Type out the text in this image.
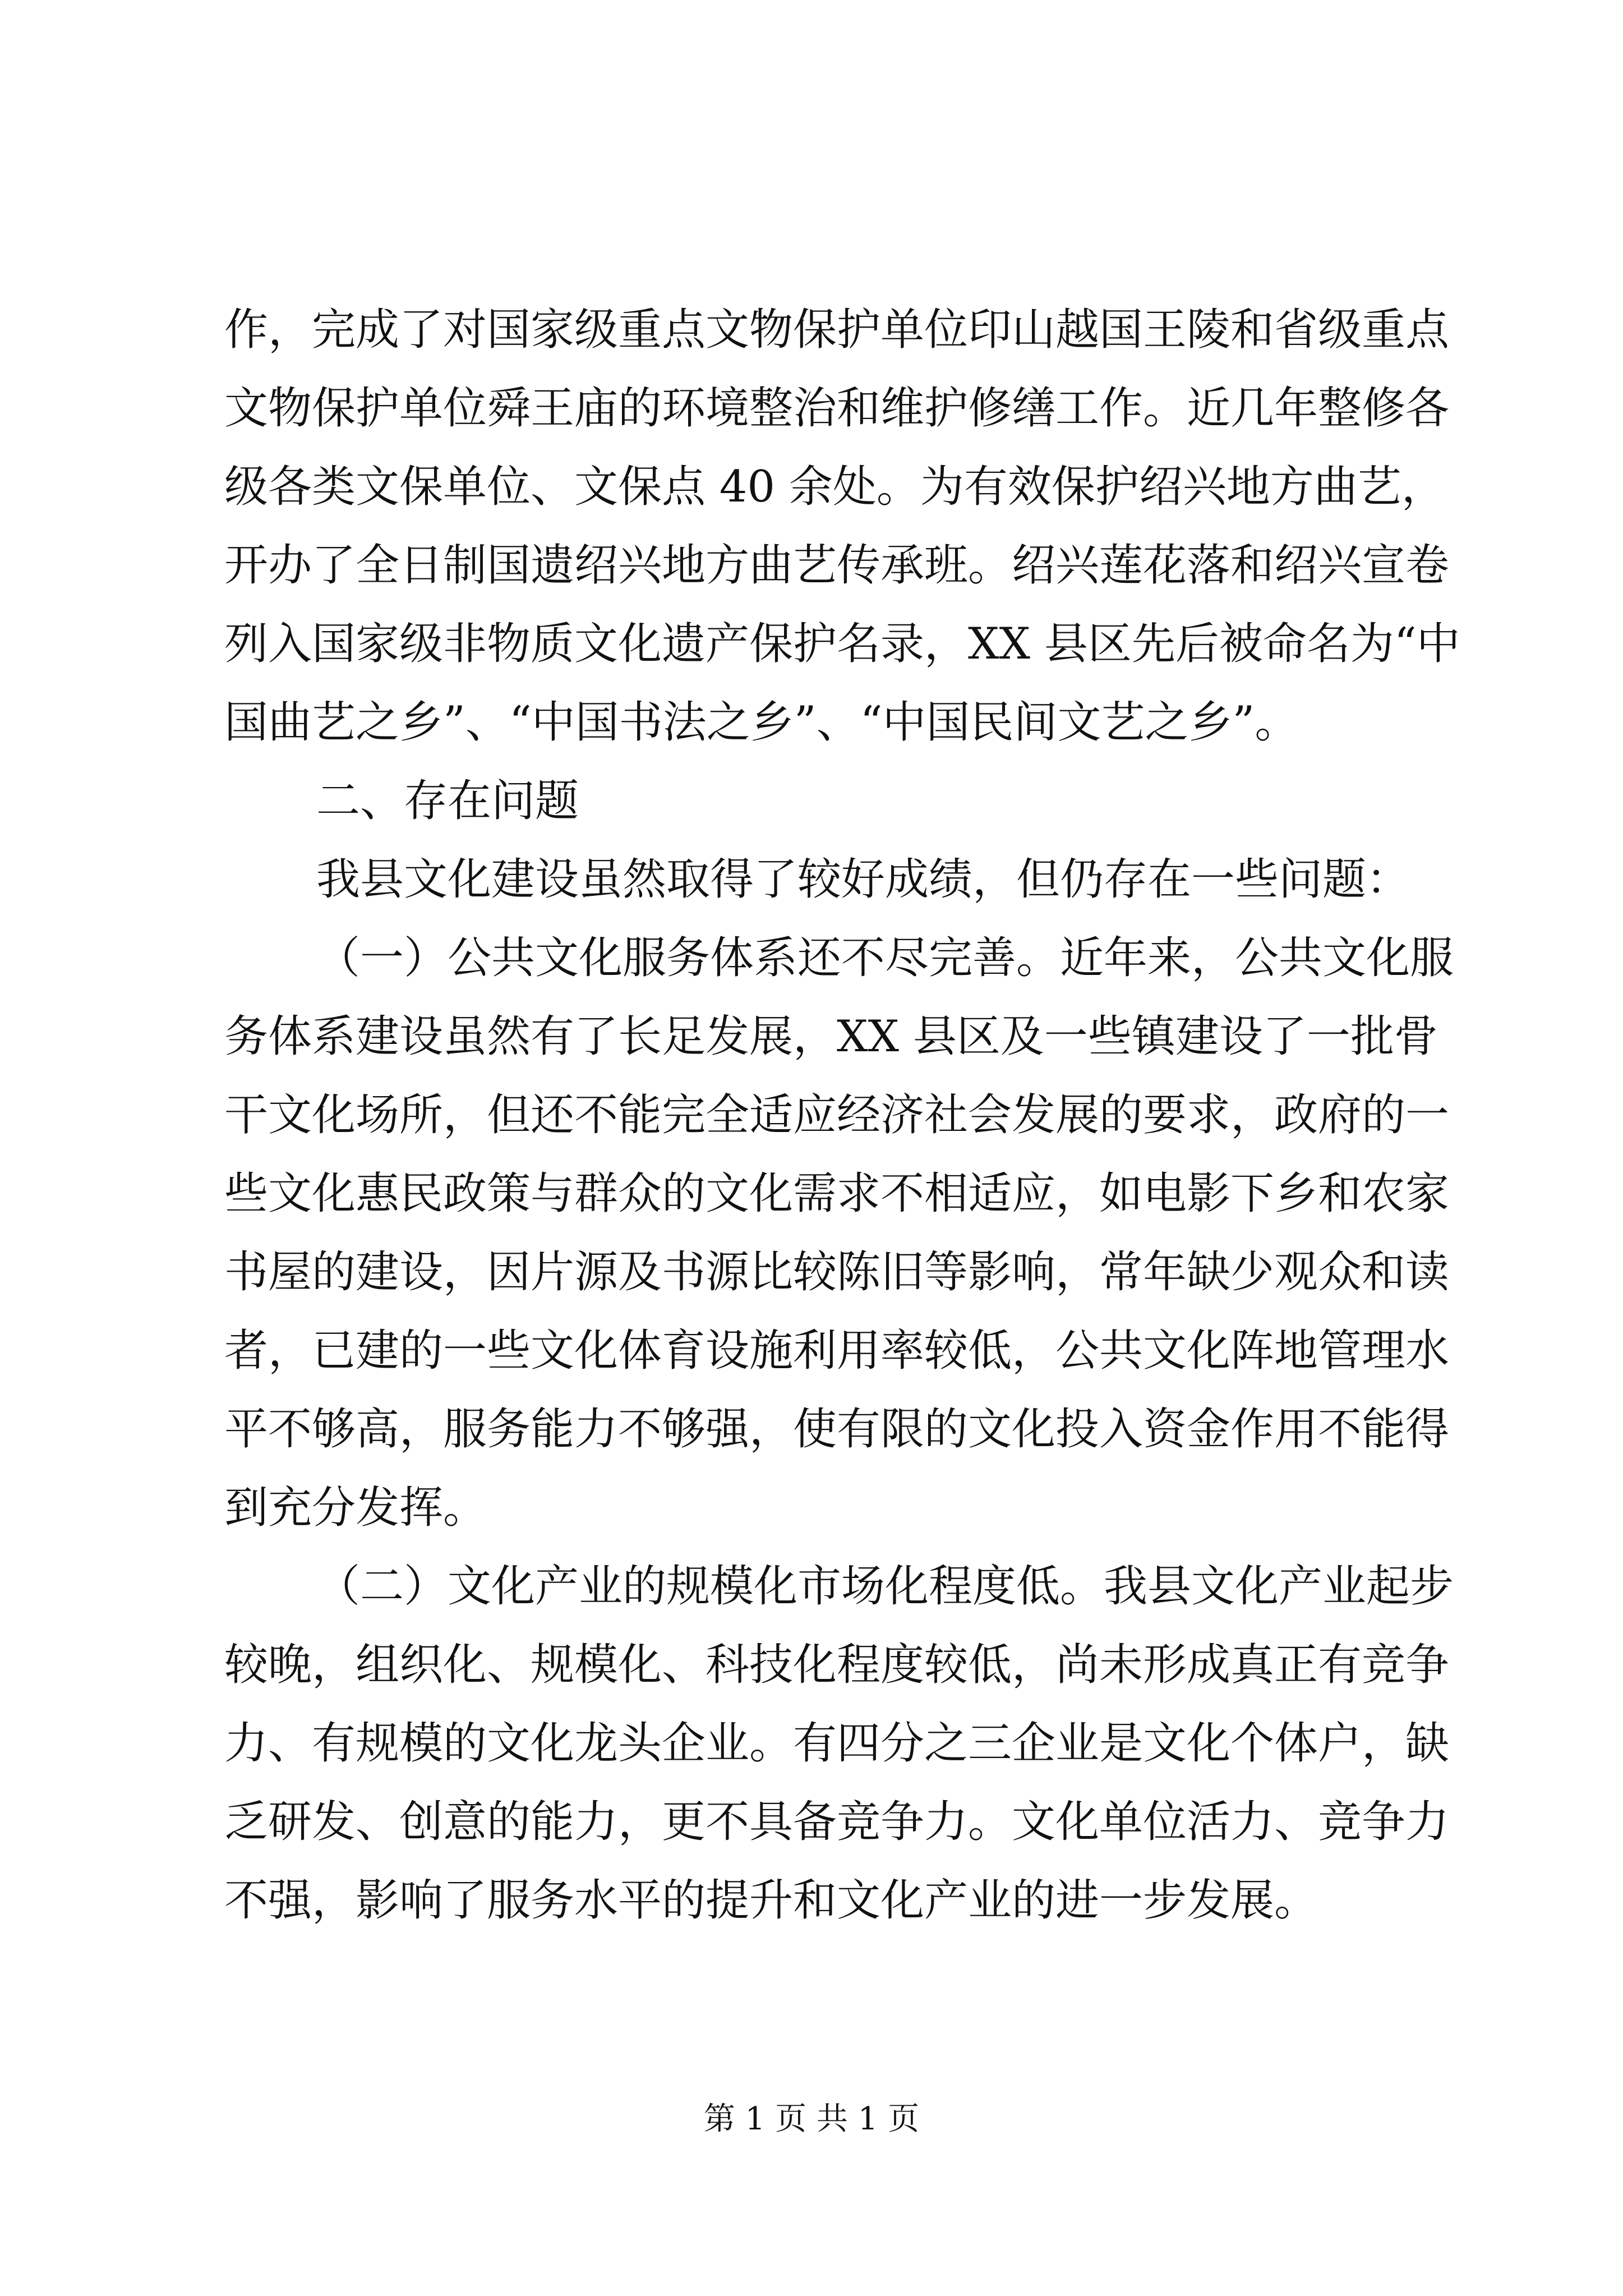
作，完成了对国家级重点文物保护单位印山越国王陵和省级重点
文物保护单位舜王庙的环境整治和维护修缮工作。近几年整修各
级各类文保单位、文保点 40 余处。为有效保护绍兴地方曲艺，
开办了全日制国遗绍兴地方曲艺传承班。绍兴莲花落和绍兴宣卷
列入国家级非物质文化遗产保护名录，XX 县区先后被命名为“中
国曲艺之乡”、“中国书法之乡”、“中国民间文艺之乡”。
二、存在问题
我县文化建设虽然取得了较好成绩，但仍存在一些问题：
（一）公共文化服务体系还不尽完善。近年来，公共文化服
务体系建设虽然有了长足发展，XX 县区及一些镇建设了一批骨
干文化场所，但还不能完全适应经济社会发展的要求，政府的一
些文化惠民政策与群众的文化需求不相适应，如电影下乡和农家
书屋的建设，因片源及书源比较陈旧等影响，常年缺少观众和读
者，已建的一些文化体育设施利用率较低，公共文化阵地管理水
平不够高，服务能力不够强，使有限的文化投入资金作用不能得
到充分发挥。
（二）文化产业的规模化市场化程度低。我县文化产业起步
较晚，组织化、规模化、科技化程度较低，尚未形成真正有竞争
力、有规模的文化龙头企业。有四分之三企业是文化个体户，缺
乏研发、创意的能力，更不具备竞争力。文化单位活力、竞争力
不强，影响了服务水平的提升和文化产业的进一步发展。
第 1 页 共 1 页
